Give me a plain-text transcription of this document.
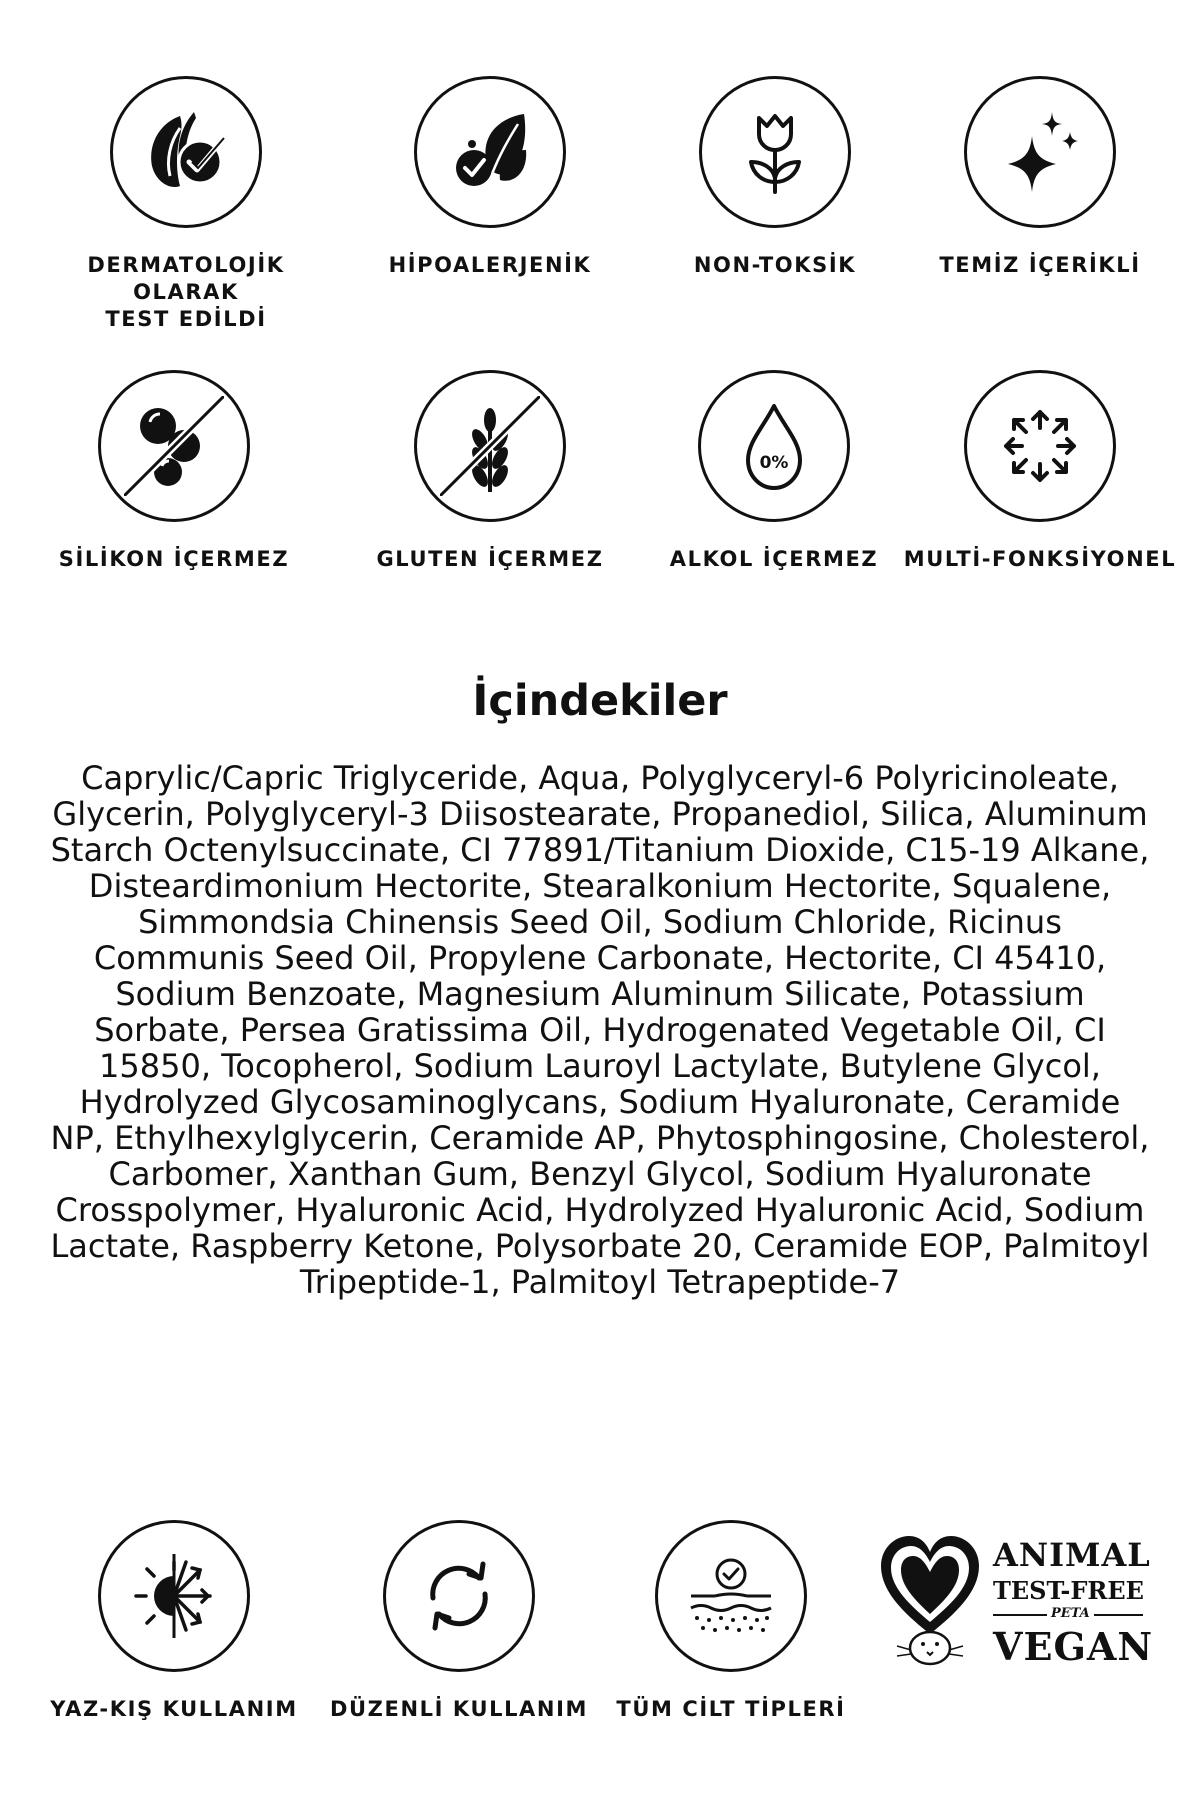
DERMATOLOJİK OLARAK
TEST EDİLDİ
HİPOALERJENİK	NON-TOKSİK	TEMİZ İÇERİKLİ
SİLİKON İÇERMEZ	GLUTEN İÇERMEZ
0%
ALKOL İÇERMEZ	MULTİ-FONKSİYONEL
İçindekiler

Caprylic/Capric Triglyceride, Aqua, Polyglyceryl-6 Polyricinoleate, Glycerin, Polyglyceryl-3 Diisostearate, Propanediol, Silica, Aluminum Starch Octenylsuccinate, CI 77891/Titanium Dioxide, C15-19 Alkane, Disteardimonium Hectorite, Stearalkonium Hectorite, Squalene, Simmondsia Chinensis Seed Oil, Sodium Chloride, Ricinus Communis Seed Oil, Propylene Carbonate, Hectorite, CI 45410, Sodium Benzoate, Magnesium Aluminum Silicate, Potassium Sorbate, Persea Gratissima Oil, Hydrogenated Vegetable Oil, CI 15850, Tocopherol, Sodium Lauroyl Lactylate, Butylene Glycol, Hydrolyzed Glycosaminoglycans, Sodium Hyaluronate, Ceramide NP, Ethylhexylglycerin, Ceramide AP, Phytosphingosine, Cholesterol, Carbomer, Xanthan Gum, Benzyl Glycol, Sodium Hyaluronate Crosspolymer, Hyaluronic Acid, Hydrolyzed Hyaluronic Acid, Sodium Lactate, Raspberry Ketone, Polysorbate 20, Ceramide EOP, Palmitoyl Tripeptide-1, Palmitoyl Tetrapeptide-7

YAZ-KIŞ KULLANIM	DÜZENLİ KULLANIM	TÜM CİLT TİPLERİ
ANIMAL
TEST-FREE
PETA
VEGAN
